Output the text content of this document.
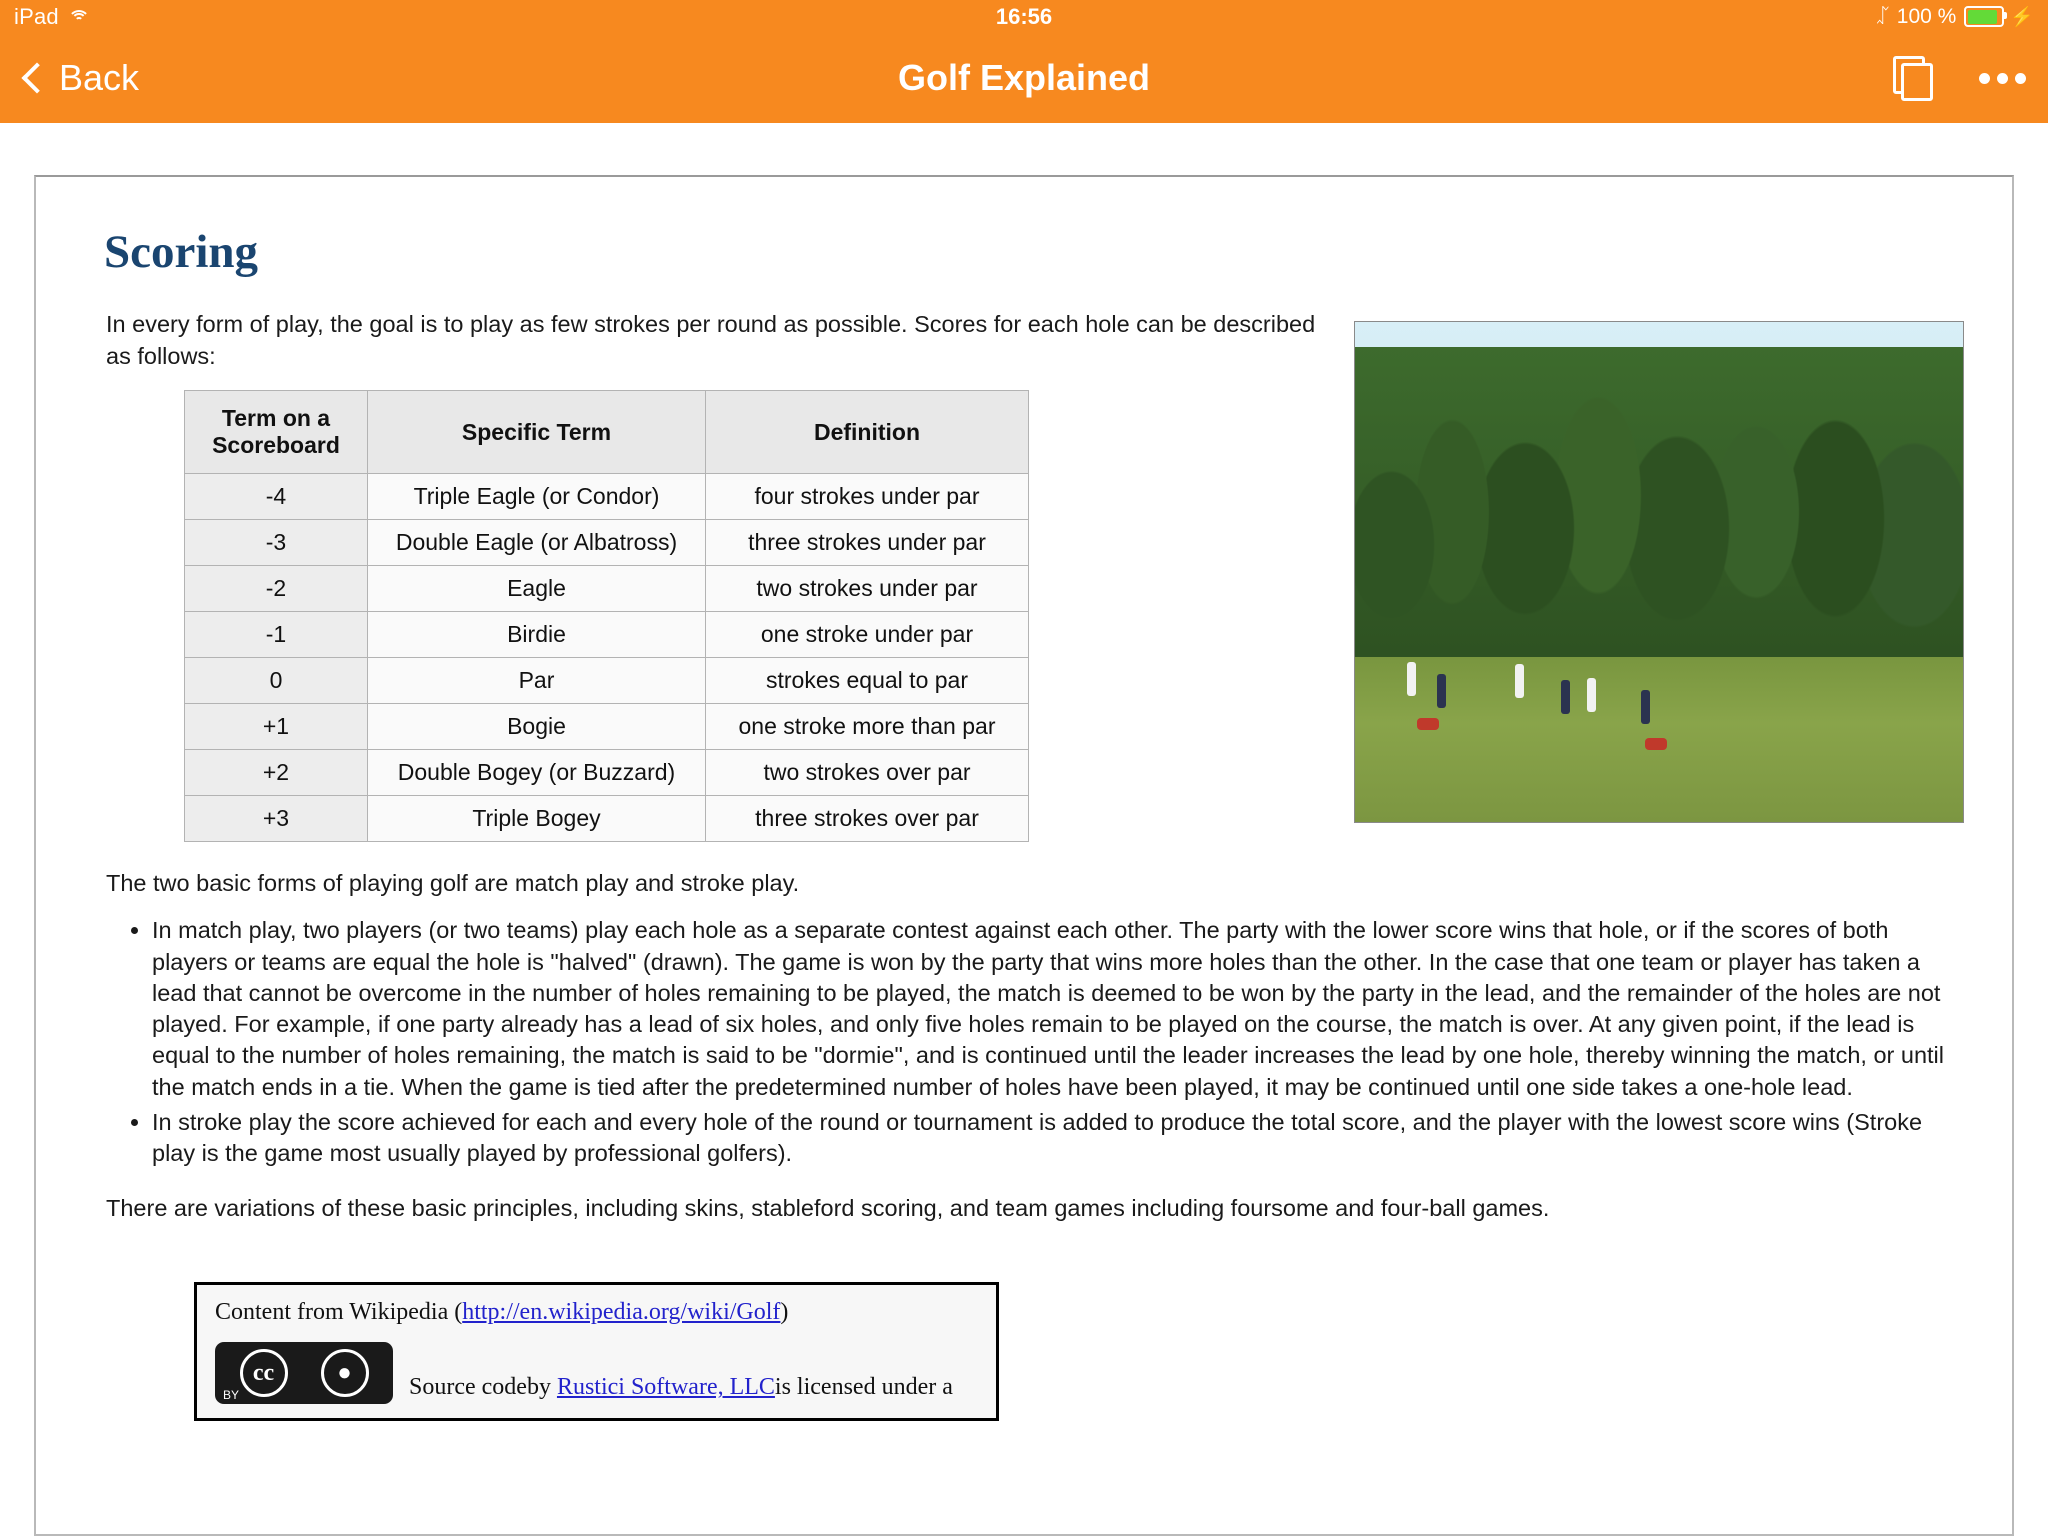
iPad	16:56	ᛢ 100 %	⚡
Back	Golf Explained
Scoring

In every form of play, the goal is to play as few strokes per round as possible. Scores for each hole can be described as follows:

Term on a Scoreboard	Specific Term	Definition
-4	Triple Eagle (or Condor)	four strokes under par
-3	Double Eagle (or Albatross)	three strokes under par
-2	Eagle	two strokes under par
-1	Birdie	one stroke under par
0	Par	strokes equal to par
+1	Bogie	one stroke more than par
+2	Double Bogey (or Buzzard)	two strokes over par
+3	Triple Bogey	three strokes over par

The two basic forms of playing golf are match play and stroke play.

• In match play, two players (or two teams) play each hole as a separate contest against each other. The party with the lower score wins that hole, or if the scores of both players or teams are equal the hole is "halved" (drawn). The game is won by the party that wins more holes than the other. In the case that one team or player has taken a lead that cannot be overcome in the number of holes remaining to be played, the match is deemed to be won by the party in the lead, and the remainder of the holes are not played. For example, if one party already has a lead of six holes, and only five holes remain to be played on the course, the match is over. At any given point, if the lead is equal to the number of holes remaining, the match is said to be "dormie", and is continued until the leader increases the lead by one hole, thereby winning the match, or until the match ends in a tie. When the game is tied after the predetermined number of holes have been played, it may be continued until one side takes a one-hole lead.
• In stroke play the score achieved for each and every hole of the round or tournament is added to produce the total score, and the player with the lowest score wins (Stroke play is the game most usually played by professional golfers).

There are variations of these basic principles, including skins, stableford scoring, and team games including foursome and four-ball games.

Content from Wikipedia (http://en.wikipedia.org/wiki/Golf)
cc	●
BY	Source codeby Rustici Software, LLCis licensed under a
